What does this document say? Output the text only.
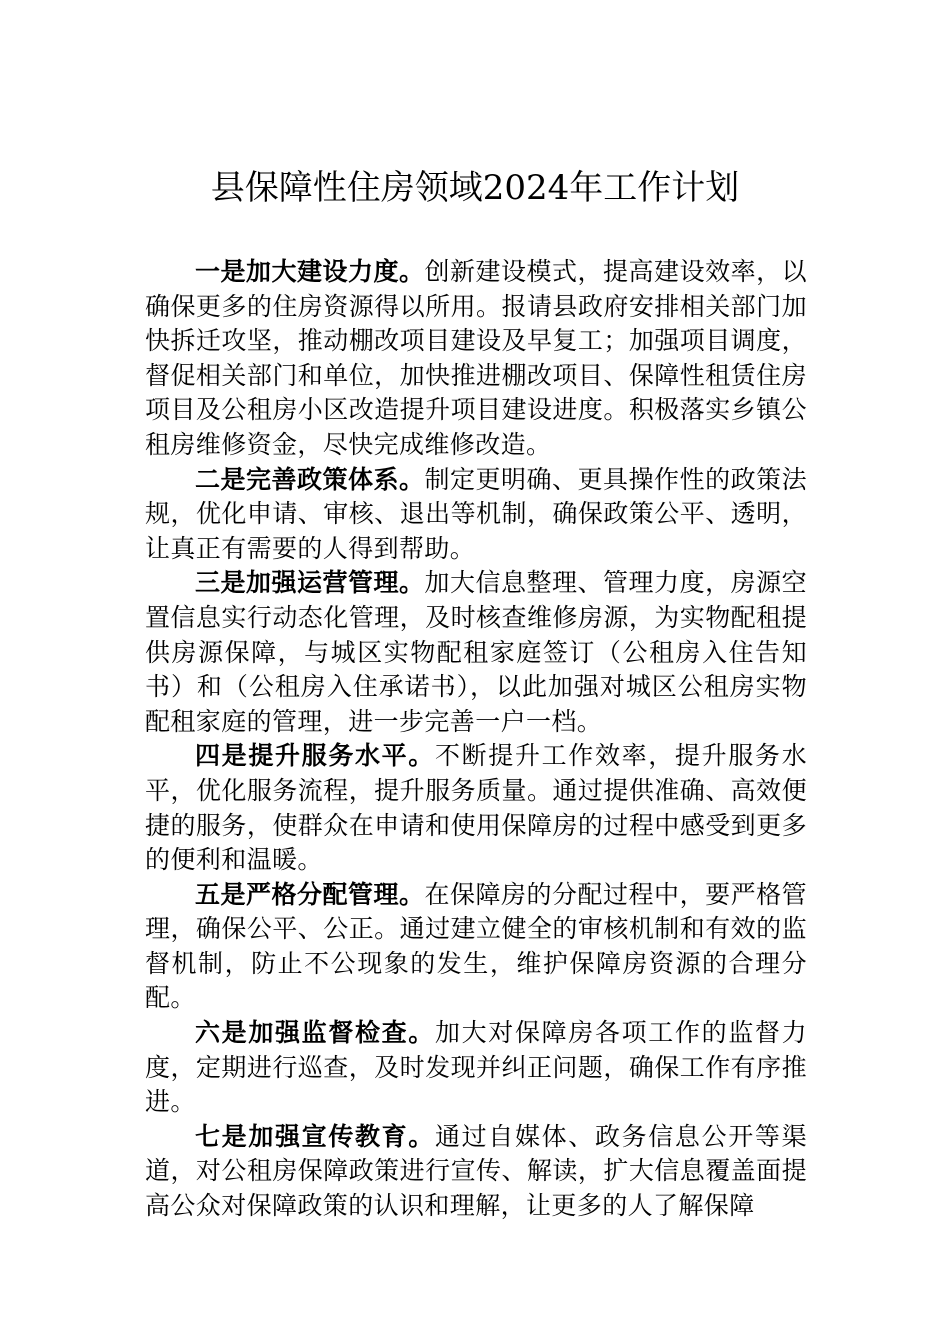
县保障性住房领域2024年工作计划

一是加大建设力度。创新建设模式，提高建设效率，以确保更多的住房资源得以所用。报请县政府安排相关部门加快拆迁攻坚，推动棚改项目建设及早复工；加强项目调度，督促相关部门和单位，加快推进棚改项目、保障性租赁住房项目及公租房小区改造提升项目建设进度。积极落实乡镇公租房维修资金，尽快完成维修改造。

二是完善政策体系。制定更明确、更具操作性的政策法规，优化申请、审核、退出等机制，确保政策公平、透明，让真正有需要的人得到帮助。

三是加强运营管理。加大信息整理、管理力度，房源空置信息实行动态化管理，及时核查维修房源，为实物配租提供房源保障，与城区实物配租家庭签订（公租房入住告知书）和（公租房入住承诺书），以此加强对城区公租房实物配租家庭的管理，进一步完善一户一档。

四是提升服务水平。不断提升工作效率，提升服务水平，优化服务流程，提升服务质量。通过提供准确、高效便捷的服务，使群众在申请和使用保障房的过程中感受到更多的便利和温暖。

五是严格分配管理。在保障房的分配过程中，要严格管理，确保公平、公正。通过建立健全的审核机制和有效的监督机制，防止不公现象的发生，维护保障房资源的合理分配。

六是加强监督检查。加大对保障房各项工作的监督力度，定期进行巡查，及时发现并纠正问题，确保工作有序推进。

七是加强宣传教育。通过自媒体、政务信息公开等渠道，对公租房保障政策进行宣传、解读，扩大信息覆盖面提高公众对保障政策的认识和理解，让更多的人了解保障
